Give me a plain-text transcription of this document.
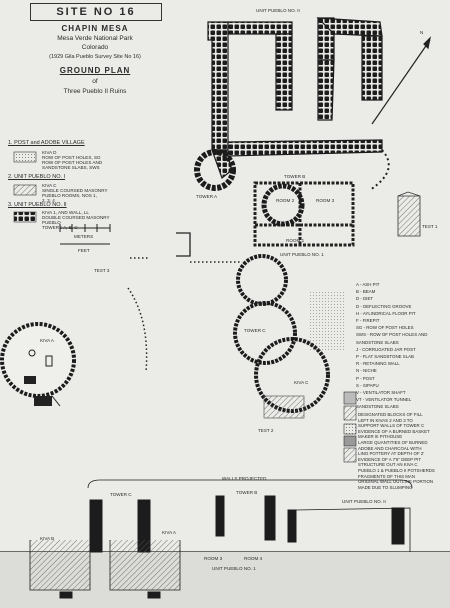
SITE NO 16
CHAPIN MESA
Mesa Verde National Park
Colorado
(1929 Gila Pueblo Survey Site No 16)
GROUND PLAN
of
Three Pueblo II Ruins
1. POST and ADOBE VILLAGE
KIVA D
ROW OF POST HOLES, SG
ROW OF POST HOLES AND
SANDSTONE SLABS, SWS
2. UNIT PUEBLO NO. I
KIVA C
SINGLE COURSED MASONRY
PUEBLO ROOMS, NOS 1,
2, 3, 4
3. UNIT PUEBLO NO. II
KIVA 1, AND WALL, LL
DOUBLE COURSED MASONRY
PUEBLO
TOWERS A, B, C
METERS
FEET
UNIT PUEBLO NO. II
N
TOWER A
TOWER B
ROOM 2	ROOM 3
ROOM 1
UNIT PUEBLO NO. 1
TEST 1
TOWER C
KIVA C
KIVA A
TEST 2
TEST 3
A - ASH PIT
B - BEAM
D - DIET
D - DEFLECTING GROOVE
H - AYLINDRICAL FLOOR PIT
F - FIREPIT
SG - ROW OF POST HOLES
SWS - ROW OF POST HOLES AND
SANDSTONE SLABS
J - CORRUGATED JAR POST
P - FLAT SANDSTONE SLAB
R - RETAINING WALL
N - NICHE
P - POST
S - SIPAPU
V - VENTILATOR SHAFT
VT - VENTILATOR TUNNEL
SANDSTONE SLABS
DESIGNATED BLOCKS OF FILL
LEFT IN KIVAS 2 AND 3 TO
SUPPORT WALLS OF TOWER C
EVIDENCE OF A BURNED BASKET
MAKER III PITHOUSE
LARGE QUANTITIES OF BURNED
ADOBE AND CHARCOAL WITH
LINO POTTERY AT DEPTH OF 2'
EVIDENCE OF A 7'6" DEEP PIT
STRUCTURE OUT AN KIVA C
PUEBLO 1 & PUEBLO II POTSHERDS
FRAGMENTS OF THIS MAN
ORIGINAL WALL OUTLINE PORTION
MADE DUE TO SLUMPING
WALLS PROJECTED
TOWER C	TOWER B
UNIT PUEBLO NO. II
KIVA B
KIVA A
ROOM 3	ROOM 4
UNIT PUEBLO NO. 1
